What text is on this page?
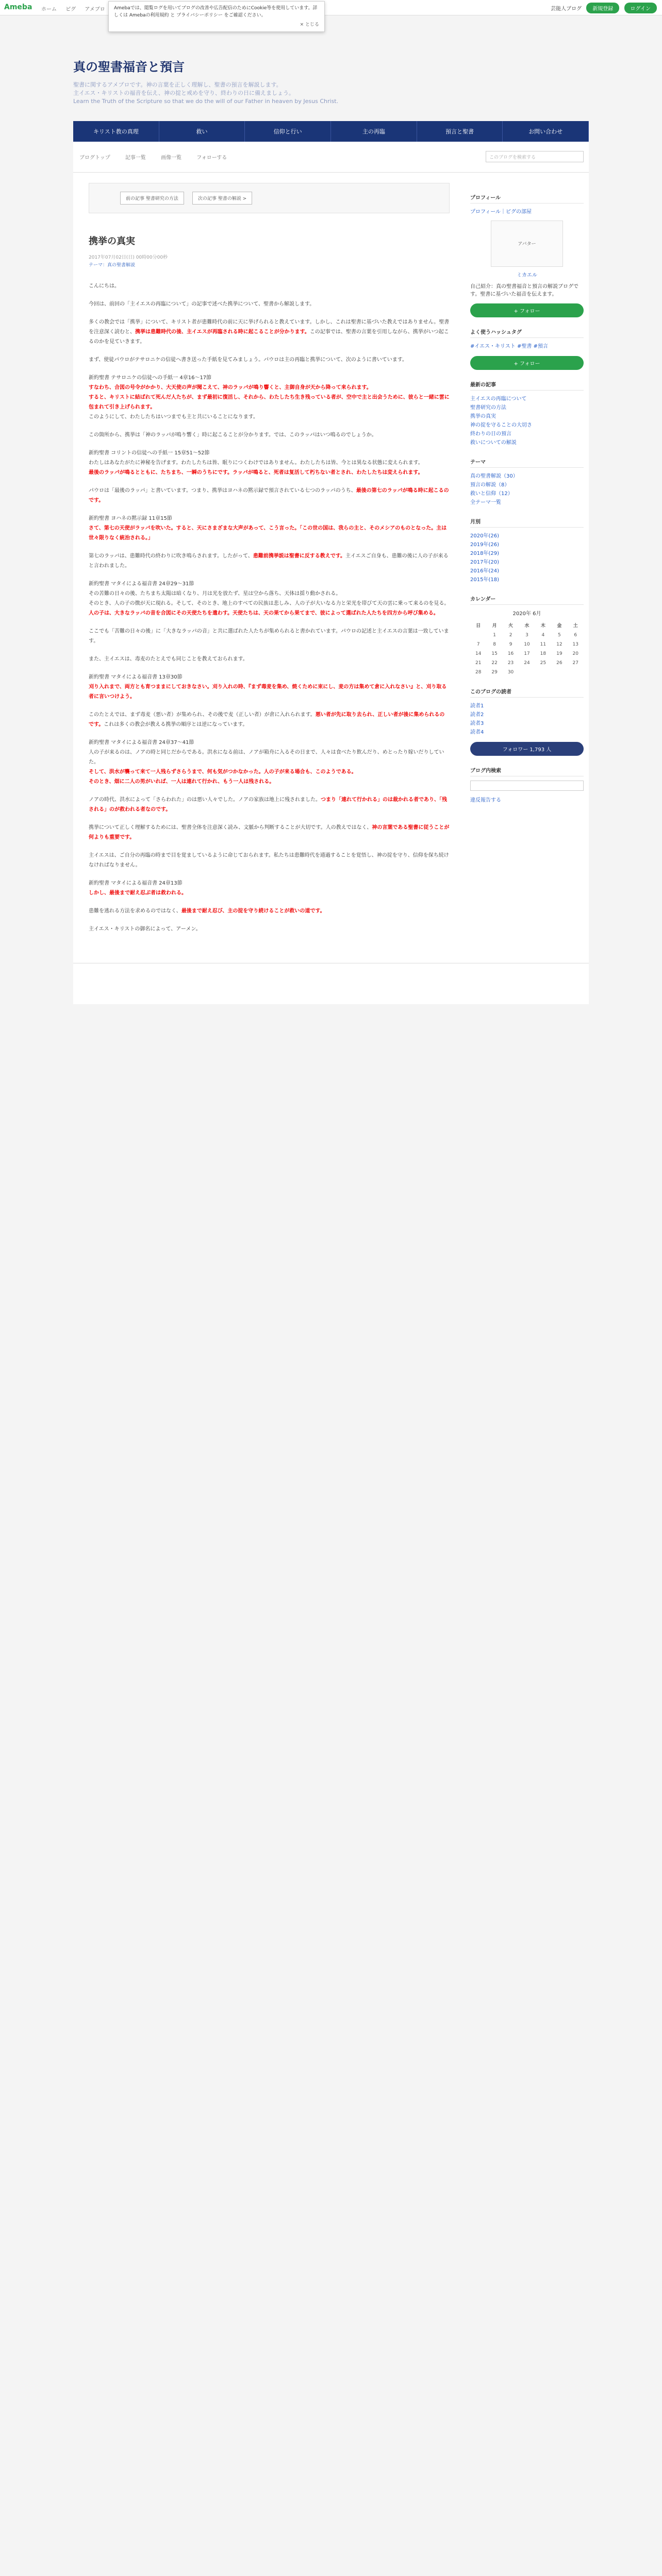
Ameba ホーム ピグ アメブロ	Amebaでは、閲覧ログを用いてブログの改善や広告配信のためにCookie等を使用しています。詳しくは Amebaの利用規約 と プライバシーポリシー をご確認ください。
× とじる
芸能人ブログ 新規登録	ログイン
真の聖書福音と預言

聖書に関するアメブロです。神の言葉を正しく理解し、聖書の預言を解説します。

主イエス・キリストの福音を伝え、神の掟と戒めを守り、終わりの日に備えましょう。

Learn the Truth of the Scripture so that we do the will of our Father in heaven by Jesus Christ.

キリスト教の真理	救い	信仰と行い	主の再臨	預言と聖書	お問い合わせ
ブログトップ	記事一覧	画像一覧	フォローする	このブログを検索する
前の記事 聖書研究の方法	次の記事 聖書の解説 >
携挙の真実
2017年07月02日(日) 00時00分00秒
テーマ：真の聖書解説

こんにちは。

今回は、前回の「主イエスの再臨について」の記事で述べた携挙について、聖書から解説します。

多くの教会では「携挙」について、キリスト者が患難時代の前に天に挙げられると教えています。しかし、これは聖書に基づいた教えではありません。聖書を注意深く読むと、携挙は患難時代の後、主イエスが再臨される時に起こることが分かります。この記事では、聖書の言葉を引用しながら、携挙がいつ起こるのかを見ていきます。

まず、使徒パウロがテサロニケの信徒へ書き送った手紙を見てみましょう。パウロは主の再臨と携挙について、次のように書いています。

新約聖書 テサロニケの信徒への手紙一 4章16〜17節
すなわち、合図の号令がかかり、大天使の声が聞こえて、神のラッパが鳴り響くと、主御自身が天から降って来られます。
すると、キリストに結ばれて死んだ人たちが、まず最初に復活し、それから、わたしたち生き残っている者が、空中で主と出会うために、彼らと一緒に雲に包まれて引き上げられます。
このようにして、わたしたちはいつまでも主と共にいることになります。

この箇所から、携挙は「神のラッパが鳴り響く」時に起こることが分かります。では、このラッパはいつ鳴るのでしょうか。

新約聖書 コリントの信徒への手紙一 15章51〜52節
わたしはあなたがたに神秘を告げます。わたしたちは皆、眠りにつくわけではありません。わたしたちは皆、今とは異なる状態に変えられます。
最後のラッパが鳴るとともに、たちまち、一瞬のうちにです。ラッパが鳴ると、死者は复活して朽ちない者とされ、わたしたちは変えられます。

パウロは「最後のラッパ」と書いています。つまり、携挙はヨハネの黙示録で預言されている七つのラッパのうち、最後の第七のラッパが鳴る時に起こるのです。

新約聖書 ヨハネの黙示録 11章15節
さて、第七の天使がラッパを吹いた。すると、天にさまざまな大声があって、こう言った。「この世の国は、我らの主と、そのメシアのものとなった。主は世々限りなく統治される。」

第七のラッパは、患難時代の終わりに吹き鳴らされます。したがって、患難前携挙説は聖書に反する教えです。主イエスご自身も、患難の後に人の子が来ると言われました。

新約聖書 マタイによる福音書 24章29〜31節
その苦難の日々の後、たちまち太陽は暗くなり、月は光を放たず、星は空から落ち、天体は揺り動かされる。
そのとき、人の子の徴が天に現れる。そして、そのとき、地上のすべての民族は悲しみ、人の子が大いなる力と栄光を帯びて天の雲に乗って来るのを見る。
人の子は、大きなラッパの音を合図にその天使たちを遣わす。天使たちは、天の果てから果てまで、彼によって選ばれた人たちを四方から呼び集める。

ここでも「苦難の日々の後」に「大きなラッパの音」と共に選ばれた人たちが集められると書かれています。パウロの記述と主イエスの言葉は一致しています。

また、主イエスは、毒麦のたとえでも同じことを教えておられます。

新約聖書 マタイによる福音書 13章30節
刈り入れまで、両方とも育つままにしておきなさい。刈り入れの時、『まず毒麦を集め、焼くために束にし、麦の方は集めて倉に入れなさい』と、刈り取る者に言いつけよう。

このたとえでは、まず毒麦（悪い者）が集められ、その後で麦（正しい者）が倉に入れられます。悪い者が先に取り去られ、正しい者が後に集められるのです。これは多くの教会が教える携挙の順序とは逆になっています。

新約聖書 マタイによる福音書 24章37〜41節
人の子が来るのは、ノアの時と同じだからである。洪水になる前は、ノアが箱舟に入るその日まで、人々は食べたり飲んだり、めとったり嫁いだりしていた。
そして、洪水が襲って来て一人残らずさらうまで、何も気がつかなかった。人の子が来る場合も、このようである。
そのとき、畑に二人の男がいれば、一人は連れて行かれ、もう一人は残される。

ノアの時代、洪水によって「さらわれた」のは悪い人々でした。ノアの家族は地上に残されました。つまり「連れて行かれる」のは裁かれる者であり、「残される」のが救われる者なのです。

携挙について正しく理解するためには、聖書全体を注意深く読み、文脈から判断することが大切です。人の教えではなく、神の言葉である聖書に従うことが何よりも重要です。

主イエスは、ご自分の再臨の時まで目を覚ましているように命じておられます。私たちは患難時代を通過することを覚悟し、神の掟を守り、信仰を保ち続けなければなりません。

新約聖書 マタイによる福音書 24章13節
しかし、最後まで耐え忍ぶ者は救われる。

患難を逃れる方法を求めるのではなく、最後まで耐え忍び、主の掟を守り続けることが救いの道です。

主イエス・キリストの御名によって、アーメン。

プロフィール
プロフィール｜ピグの部屋
アバター
ミカエル

自己紹介：真の聖書福音と預言の解説ブログです。聖書に基づいた福音を伝えます。

+ フォロー
よく使うハッシュタグ
#イエス・キリスト #聖書 #預言
+ フォロー
最新の記事
主イエスの再臨について
聖書研究の方法
携挙の真実
神の掟を守ることの大切さ
終わりの日の預言
救いについての解説
テーマ
真の聖書解説（30）
預言の解説（8）
救いと信仰（12）
全テーマ一覧
月別
2020年(26)
2019年(26)
2018年(29)
2017年(20)
2016年(24)
2015年(18)
カレンダー
2020年 6月
日	月	火	水	木	金	土
	1	2	3	4	5	6
7	8	9	10	11	12	13
14	15	16	17	18	19	20
21	22	23	24	25	26	27
28	29	30				
このブログの読者
読者1
読者2
読者3
読者4
フォロワー 1,793 人
ブログ内検索
違反報告する
